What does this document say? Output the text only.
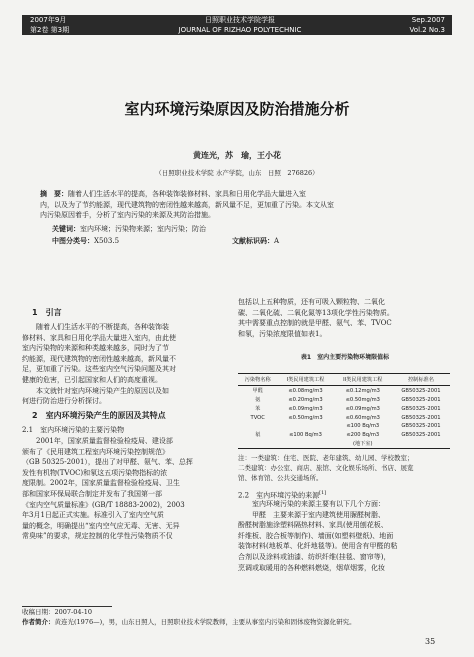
2007年9月
第2卷 第3期
日照职业技术学院学报
JOURNAL OF RIZHAO POLYTECHNIC
Sep.2007
Vol.2 No.3
室内环境污染原因及防治措施分析
黄连光，苏　瑜，王小花
（日照职业技术学院 水产学院，山东　日照　276826）
摘　要：随着人们生活水平的提高，各种装饰装修材料、家具和日用化学品大量进入室
内，以及为了节约能源，现代建筑物的密闭性越来越高，新风量不足，更加重了污染。本文从室
内污染原因着手，分析了室内污染的来源及其防治措施。
关键词：室内环境；污染物来源；室内污染；防治
中图分类号：X503.5	文献标识码：A
1　引言
随着人们生活水平的不断提高，各种装饰装
修材料、家具和日用化学品大量进入室内，由此使
室内污染物的来源和种类越来越多，同时为了节
约能源，现代建筑物的密闭性越来越高，新风量不
足，更加重了污染。这些室内空气污染问题及其对
健康的危害，已引起国家和人们的高度重视。
本文就针对室内环境污染产生的原因以及如
何进行防治进行分析探讨。
2　室内环境污染产生的原因及其特点
2.1　室内环境污染的主要污染物
2001年，国家质量监督检验检疫局、建设部
颁布了《民用建筑工程室内环境污染控制规范》
（GB 50325-2001），提出了对甲醛、氨气、苯、总挥
发性有机物(TVOC)和氡这五项污染物指标的浓
度限制。2002年，国家质量监督检验检疫局、卫生
部和国家环保局联合制定并发布了我国第一部
《室内空气质量标准》(GB/T 18883-2002)，2003
年3月1日起正式实施。标准引入了室内空气质
量的概念，明确提出“室内空气应无毒、无害、无异
常臭味”的要求，规定控制的化学性污染物质不仅
包括以上五种物质，还有可吸入颗粒物、二氧化
碳、二氧化硫、二氧化氮等13项化学性污染物质。
其中需要重点控制的就是甲醛、氨气、苯、TVOC
和氡，污染浓度限值如表1。
表1　室内主要污染物环境限值标
污染物名称	I类民用建筑工程	II类民用建筑工程	控制标准名
甲醛	≤0.08mg/m3	≤0.12mg/m3	GB50325-2001
氨	≤0.20mg/m3	≤0.50mg/m3	GB50325-2001
苯	≤0.09mg/m3	≤0.09mg/m3	GB50325-2001
TVOC	≤0.50mg/m3	≤0.60mg/m3	GB50325-2001
		≤100 Bq/m3	GB50325-2001
氡	≤100 Bq/m3	≤200 Bq/m3	GB50325-2001
		(地下室)	
注：一类建筑：住宅、医院、老年建筑、幼儿园、学校教室；
二类建筑：办公室、商店、旅馆、文化娱乐场所、书店、展览
馆、体育馆、公共交通场所。
2.2　室内环境污染的来源[1]
室内环境污染的来源主要有以下几个方面：
甲醛　主要来源于室内建筑使用脲醛树脂、
酚醛树脂施涂塑料隔热材料、家具(使用刨花板、
纤维板、胶合板等制作)、墙面(如塑料壁纸)、地面
装饰材料(地板革、化纤地毯等)。使用含有甲醛的粘
合剂以及涂料或油漆、纺织纤维(挂毯、窗帘等)，
烹调或取暖用的各种燃料燃烧，烟草烟雾，化妆
收稿日期：2007-04-10
作者简介：黄连光(1976—)，男，山东日照人，日照职业技术学院教师，主要从事室内污染和固体废物资源化研究。
35
